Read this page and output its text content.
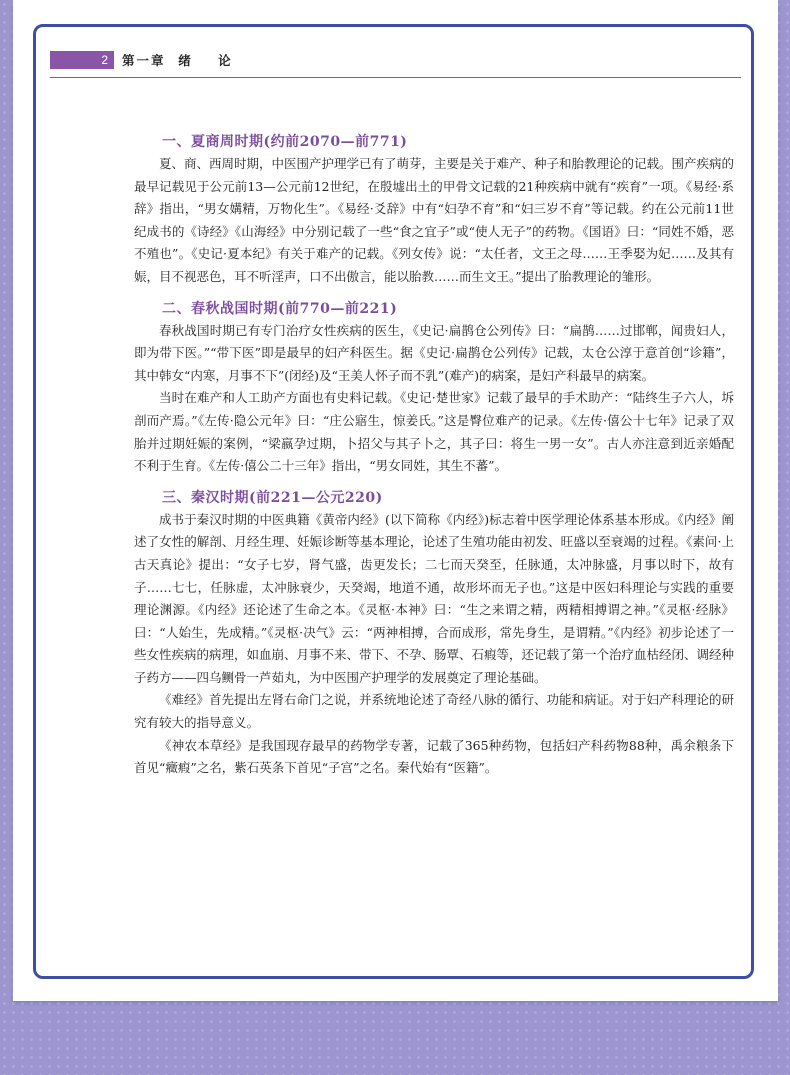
2	第一章  绪    论
一、夏商周时期(约前2070—前771)

夏、商、西周时期，中医围产护理学已有了萌芽，主要是关于难产、种子和胎教理论的记载。围产疾病的最早记载见于公元前13—公元前12世纪，在殷墟出土的甲骨文记载的21种疾病中就有“疾育”一项。《易经·系辞》指出，“男女媾精，万物化生”。《易经·爻辞》中有“妇孕不育”和“妇三岁不育”等记载。约在公元前11世纪成书的《诗经》《山海经》中分别记载了一些“食之宜子”或“使人无子”的药物。《国语》曰：“同姓不婚，恶不殖也”。《史记·夏本纪》有关于难产的记载。《列女传》说：“太任者，文王之母……王季娶为妃……及其有娠，目不视恶色，耳不听淫声，口不出傲言，能以胎教……而生文王。”提出了胎教理论的雏形。

二、春秋战国时期(前770—前221)

春秋战国时期已有专门治疗女性疾病的医生，《史记·扁鹊仓公列传》曰：“扁鹊……过邯郸，闻贵妇人，即为带下医。”“带下医”即是最早的妇产科医生。据《史记·扁鹊仓公列传》记载，太仓公淳于意首创“诊籍”，其中韩女“内寒，月事不下”(闭经)及“王美人怀子而不乳”(难产)的病案，是妇产科最早的病案。

当时在难产和人工助产方面也有史料记载。《史记·楚世家》记载了最早的手术助产：“陆终生子六人，坼剖而产焉。”《左传·隐公元年》曰：“庄公寤生，惊姜氏。”这是臀位难产的记录。《左传·僖公十七年》记录了双胎并过期妊娠的案例，“梁嬴孕过期，卜招父与其子卜之，其子曰：将生一男一女”。古人亦注意到近亲婚配不利于生育。《左传·僖公二十三年》指出，“男女同姓，其生不蕃”。

三、秦汉时期(前221—公元220)

成书于秦汉时期的中医典籍《黄帝内经》(以下简称《内经》)标志着中医学理论体系基本形成。《内经》阐述了女性的解剖、月经生理、妊娠诊断等基本理论，论述了生殖功能由初发、旺盛以至衰竭的过程。《素问·上古天真论》提出：“女子七岁，肾气盛，齿更发长；二七而天癸至，任脉通，太冲脉盛，月事以时下，故有子……七七，任脉虚，太冲脉衰少，天癸竭，地道不通，故形坏而无子也。”这是中医妇科理论与实践的重要理论渊源。《内经》还论述了生命之本。《灵枢·本神》曰：“生之来谓之精，两精相搏谓之神。”《灵枢·经脉》曰：“人始生，先成精。”《灵枢·决气》云：“两神相搏，合而成形，常先身生，是谓精。”《内经》初步论述了一些女性疾病的病理，如血崩、月事不来、带下、不孕、肠覃、石瘕等，还记载了第一个治疗血枯经闭、调经种子药方——四乌鲗骨一芦茹丸，为中医围产护理学的发展奠定了理论基础。

《难经》首先提出左肾右命门之说，并系统地论述了奇经八脉的循行、功能和病证。对于妇产科理论的研究有较大的指导意义。

《神农本草经》是我国现存最早的药物学专著，记载了365种药物，包括妇产科药物88种，禹余粮条下首见“癥瘕”之名，紫石英条下首见“子宫”之名。秦代始有“医籍”。
